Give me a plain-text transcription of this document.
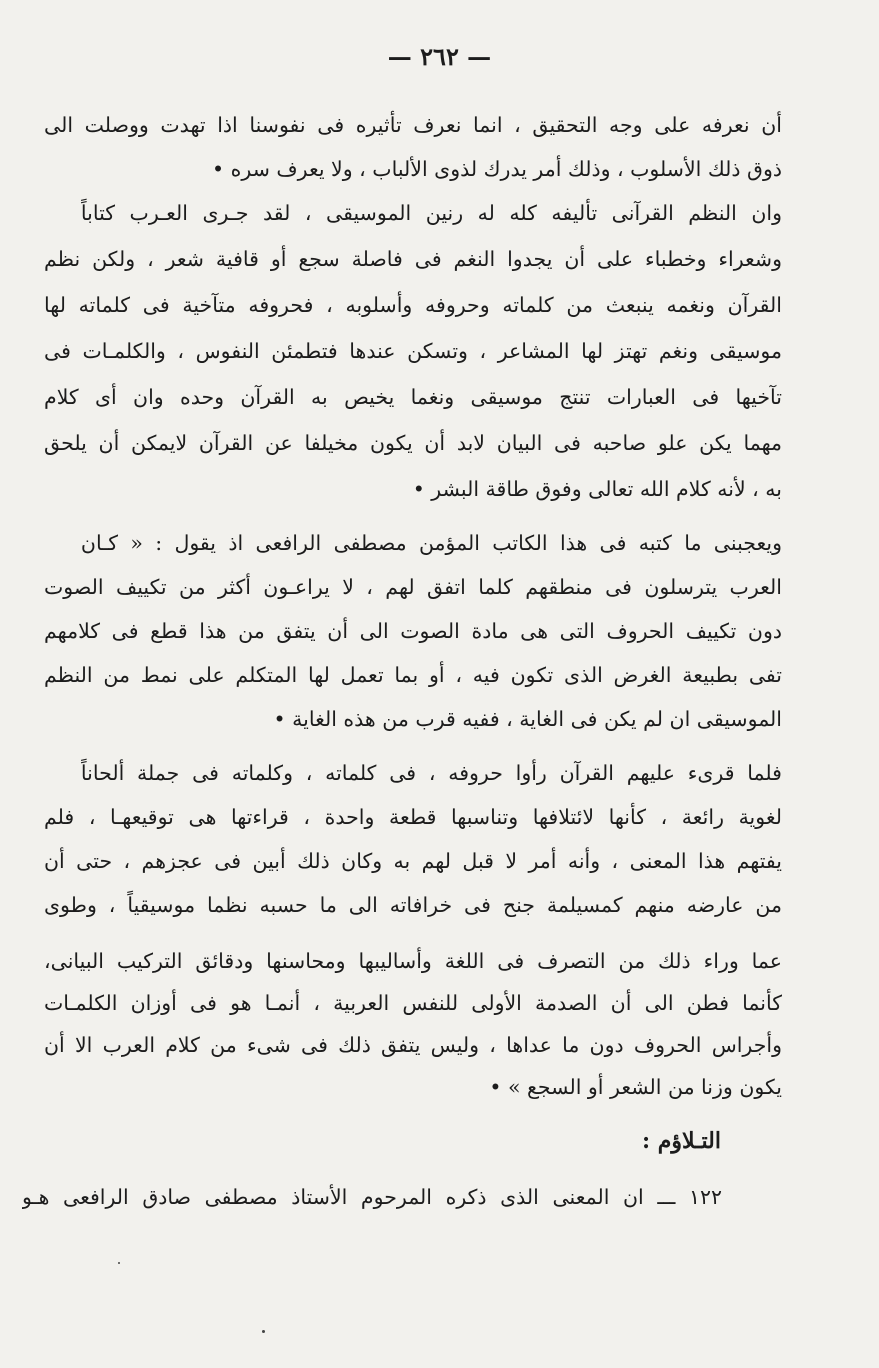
— ٢٦٢ —
أن نعرفه على وجه التحقيق ، انما نعرف تأثيره فى نفوسنا اذا تهدت ووصلت الى
ذوق ذلك الأسلوب ، وذلك أمر يدرك لذوى الألباب ، ولا يعرف سره •
وان النظم القرآنى تأليفه كله له رنين الموسيقى ، لقد جـرى العـرب كتاباً
وشعراء وخطباء على أن يجدوا النغم فى فاصلة سجع أو قافية شعر ، ولكن نظم
القرآن ونغمه ينبعث من كلماته وحروفه وأسلوبه ، فحروفه متآخية فى كلماته لها
موسيقى ونغم تهتز لها المشاعر ، وتسكن عندها فتطمئن النفوس ، والكلمـات فى
تآخيها فى العبارات تنتج موسيقى ونغما يخيص به القرآن وحده وان أى كلام
مهما يكن علو صاحبه فى البيان لابد أن يكون مخيلفا عن القرآن لايمكن أن يلحق
به ، لأنه كلام الله تعالى وفوق طاقة البشر •
ويعجبنى ما كتبه فى هذا الكاتب المؤمن مصطفى الرافعى اذ يقول : « كـان
العرب يترسلون فى منطقهم كلما اتفق لهم ، لا يراعـون أكثر من تكييف الصوت
دون تكييف الحروف التى هى مادة الصوت الى أن يتفق من هذا قطع فى كلامهم
تفى بطبيعة الغرض الذى تكون فيه ، أو بما تعمل لها المتكلم على نمط من النظم
الموسيقى ان لم يكن فى الغاية ، ففيه قرب من هذه الغاية •
فلما قرىء عليهم القرآن رأوا حروفه ، فى كلماته ، وكلماته فى جملة ألحاناً
لغوية رائعة ، كأنها لائتلافها وتناسبها قطعة واحدة ، قراءتها هى توقيعهـا ، فلم
يفتهم هذا المعنى ، وأنه أمر لا قبل لهم به وكان ذلك أبين فى عجزهم ، حتى أن
من عارضه منهم كمسيلمة جنح فى خرافاته الى ما حسبه نظما موسيقياً ، وطوى
عما وراء ذلك من التصرف فى اللغة وأساليبها ومحاسنها ودقائق التركيب البيانى،
كأنما فطن الى أن الصدمة الأولى للنفس العربية ، أنمـا هو فى أوزان الكلمـات
وأجراس الحروف دون ما عداها ، وليس يتفق ذلك فى شىء من كلام العرب الا أن
يكون وزنا من الشعر أو السجع » •
التـلاؤم :
١٢٢ ـــ ان المعنى الذى ذكره المرحوم الأستاذ مصطفى صادق الرافعى هـو
